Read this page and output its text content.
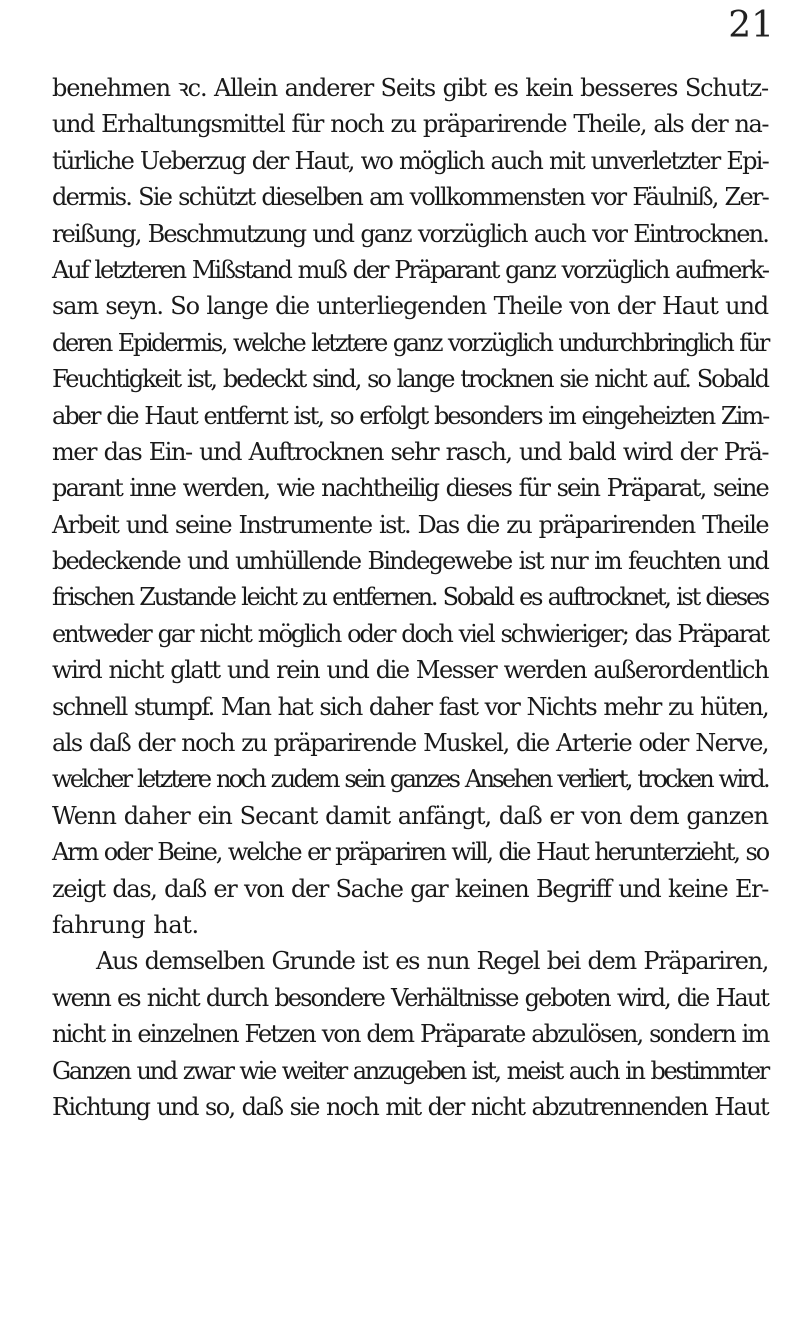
21
benehmen ꝛc. Allein anderer Seits gibt es kein besseres Schutz-
und Erhaltungsmittel für noch zu präparirende Theile, als der na-
türliche Ueberzug der Haut, wo möglich auch mit unverletzter Epi-
dermis. Sie schützt dieselben am vollkommensten vor Fäulniß, Zer-
reißung, Beschmutzung und ganz vorzüglich auch vor Eintrocknen.
Auf letzteren Mißstand muß der Präparant ganz vorzüglich aufmerk-
sam seyn. So lange die unterliegenden Theile von der Haut und
deren Epidermis, welche letztere ganz vorzüglich undurchbringlich für
Feuchtigkeit ist, bedeckt sind, so lange trocknen sie nicht auf. Sobald
aber die Haut entfernt ist, so erfolgt besonders im eingeheizten Zim-
mer das Ein- und Auftrocknen sehr rasch, und bald wird der Prä-
parant inne werden, wie nachtheilig dieses für sein Präparat, seine
Arbeit und seine Instrumente ist. Das die zu präparirenden Theile
bedeckende und umhüllende Bindegewebe ist nur im feuchten und
frischen Zustande leicht zu entfernen. Sobald es auftrocknet, ist dieses
entweder gar nicht möglich oder doch viel schwieriger; das Präparat
wird nicht glatt und rein und die Messer werden außerordentlich
schnell stumpf. Man hat sich daher fast vor Nichts mehr zu hüten,
als daß der noch zu präparirende Muskel, die Arterie oder Nerve,
welcher letztere noch zudem sein ganzes Ansehen verliert, trocken wird.
Wenn daher ein Secant damit anfängt, daß er von dem ganzen
Arm oder Beine, welche er präpariren will, die Haut herunterzieht, so
zeigt das, daß er von der Sache gar keinen Begriff und keine Er-
fahrung hat.
Aus demselben Grunde ist es nun Regel bei dem Präpariren,
wenn es nicht durch besondere Verhältnisse geboten wird, die Haut
nicht in einzelnen Fetzen von dem Präparate abzulösen, sondern im
Ganzen und zwar wie weiter anzugeben ist, meist auch in bestimmter
Richtung und so, daß sie noch mit der nicht abzutrennenden Haut
